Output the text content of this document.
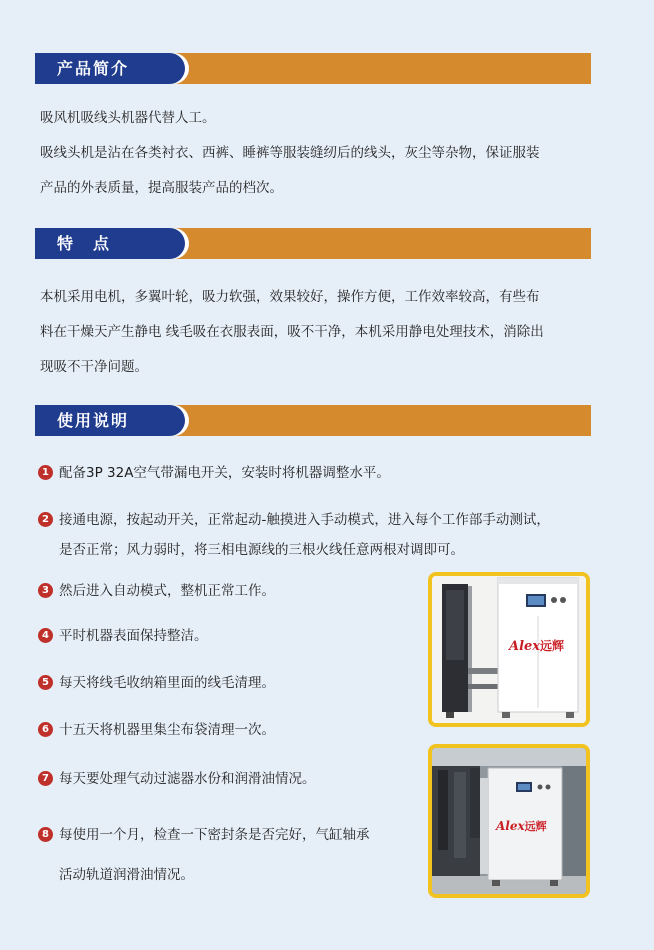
产品简介
吸风机吸线头机器代替人工。
吸线头机是沾在各类衬衣、西裤、睡裤等服装缝纫后的线头，灰尘等杂物，保证服装
产品的外表质量，提高服装产品的档次。
特　点
本机采用电机，多翼叶轮，吸力软强，效果较好，操作方便，工作效率较高，有些布
料在干燥天产生静电 线毛吸在衣服表面，吸不干净，本机采用静电处理技术，消除出
现吸不干净问题。
使用说明
1 配备3P 32A空气带漏电开关，安装时将机器调整水平。
2 接通电源，按起动开关，正常起动-触摸进入手动模式，进入每个工作部手动测试，
是否正常；风力弱时，将三相电源线的三根火线任意两根对调即可。
3 然后进入自动模式，整机正常工作。
4 平时机器表面保持整洁。
5 每天将线毛收纳箱里面的线毛清理。
6 十五天将机器里集尘布袋清理一次。
7 每天要处理气动过滤器水份和润滑油情况。
8 每使用一个月，检查一下密封条是否完好，气缸轴承
活动轨道润滑油情况。
Alex远辉
Alex远辉
